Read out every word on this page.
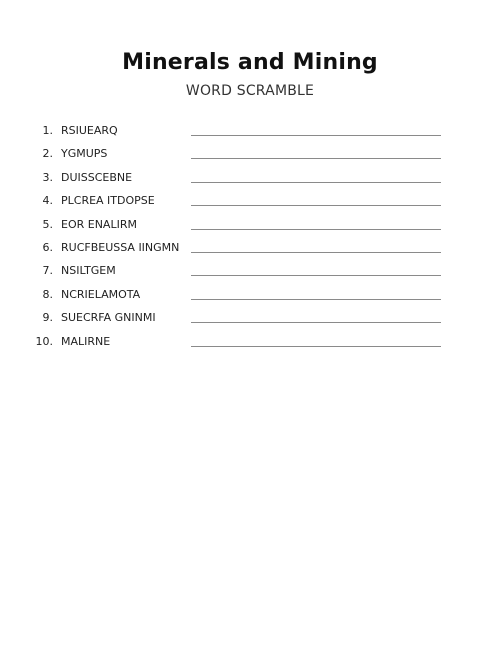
Minerals and Mining
WORD SCRAMBLE
1. RSIUEARQ
2. YGMUPS
3. DUISSCEBNE
4. PLCREA ITDOPSE
5. EOR ENALIRM
6. RUCFBEUSSA IINGMN
7. NSILTGEM
8. NCRIELAMOTA
9. SUECRFA GNINMI
10. MALIRNE
